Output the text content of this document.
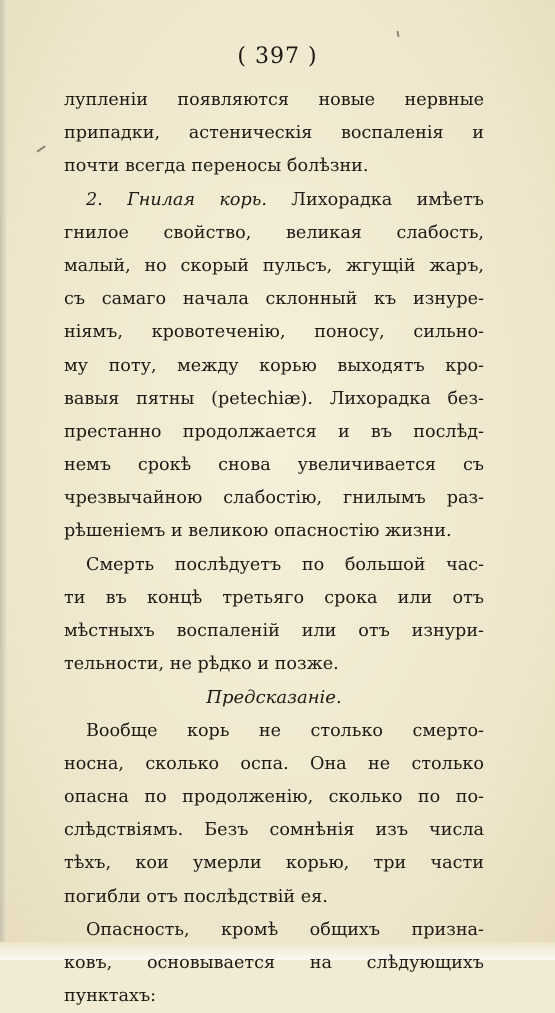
( 397 )
лупленіи появляются новые нервные
припадки, астеническія воспаленія и
почти всегда переносы болѣзни.
2. Гнилая корь. Лихорадка имѣетъ
гнилое свойство, великая слабость,
малый, но скорый пульсъ, жгущій жаръ,
съ самаго начала склонный къ изнуре-
ніямъ, кровотеченію, поносу, сильно-
му поту, между корью выходятъ кро-
вавыя пятны (petechiæ). Лихорадка без-
престанно продолжается и въ послѣд-
немъ срокѣ снова увеличивается съ
чрезвычайною слабостію, гнилымъ раз-
рѣшеніемъ и великою опасностію жизни.
Смерть послѣдуетъ по большой час-
ти въ концѣ третьяго срока или отъ
мѣстныхъ воспаленій или отъ изнури-
тельности, не рѣдко и позже.
Предсказаніе.
Вообще корь не столько смерто-
носна, сколько оспа. Она не столько
опасна по продолженію, сколько по по-
слѣдствіямъ. Безъ сомнѣнія изъ числа
тѣхъ, кои умерли корью, три части
погибли отъ послѣдствій ея.
Опасность, кромѣ общихъ призна-
ковъ, основывается на слѣдующихъ
пунктахъ:
